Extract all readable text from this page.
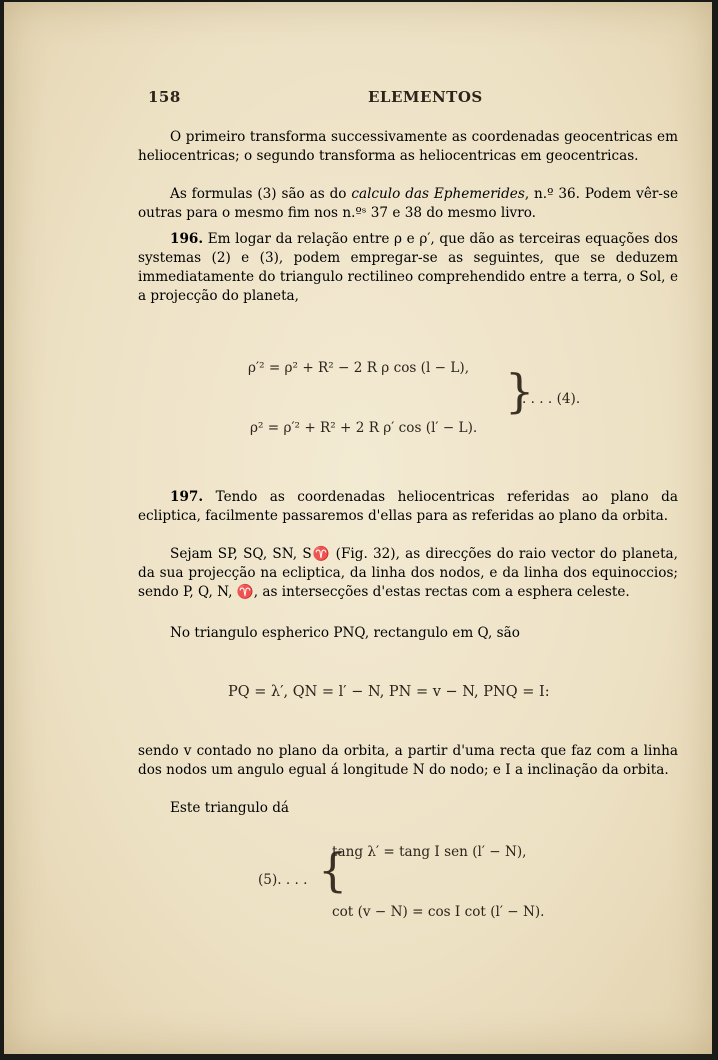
158	ELEMENTOS

O primeiro transforma successivamente as coordenadas geocentricas em heliocentricas; o segundo transforma as heliocentricas em geocentricas.

As formulas (3) são as do calculo das Ephemerides, n.º 36. Podem vêr-se outras para o mesmo fim nos n.ºˢ 37 e 38 do mesmo livro.

196. Em logar da relação entre ρ e ρ′, que dão as terceiras equações dos systemas (2) e (3), podem empregar-se as seguintes, que se deduzem immediatamente do triangulo rectilineo comprehendido entre a terra, o Sol, e a projecção do planeta,

ρ′² = ρ² + R² − 2 R ρ cos (l − L),
ρ² = ρ′² + R² + 2 R ρ′ cos (l′ − L).
}
. . . . (4).

197. Tendo as coordenadas heliocentricas referidas ao plano da ecliptica, facilmente passaremos d'ellas para as referidas ao plano da orbita.

Sejam SP, SQ, SN, S♈ (Fig. 32), as direcções do raio vector do planeta, da sua projecção na ecliptica, da linha dos nodos, e da linha dos equinoccios; sendo P, Q, N, ♈, as intersecções d'estas rectas com a esphera celeste.

No triangulo espherico PNQ, rectangulo em Q, são

PQ = λ′, QN = l′ − N, PN = v − N, PNQ = I:

sendo v contado no plano da orbita, a partir d'uma recta que faz com a linha dos nodos um angulo egual á longitude N do nodo; e I a inclinação da orbita.

Este triangulo dá

(5). . . . {
tang λ′ = tang I sen (l′ − N),
cot (v − N) = cos I cot (l′ − N).
